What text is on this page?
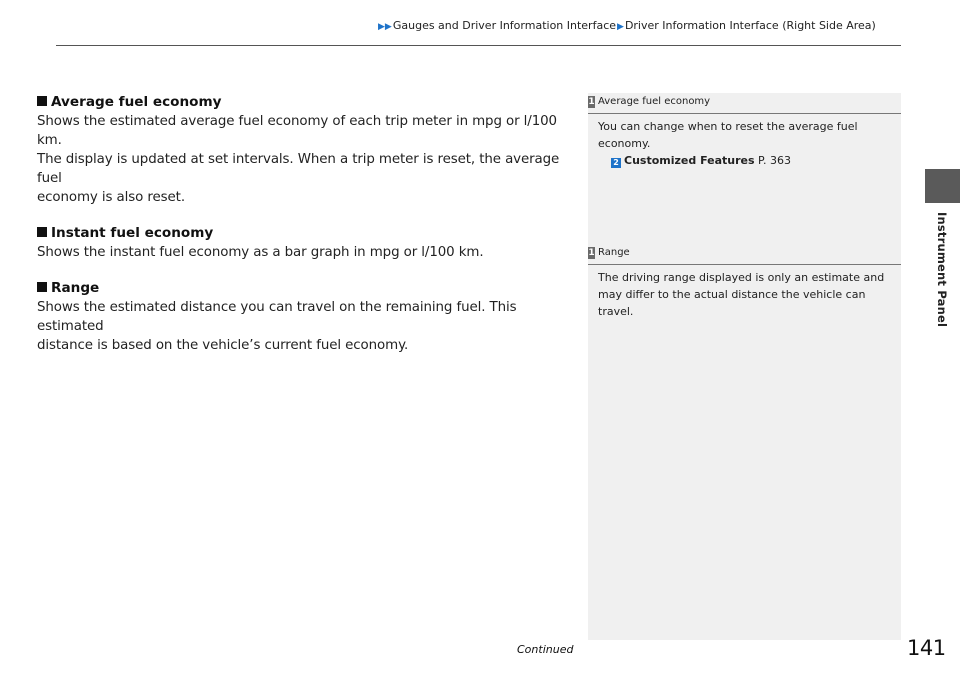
▶▶Gauges and Driver Information Interface▶Driver Information Interface (Right Side Area)
Average fuel economy
Shows the estimated average fuel economy of each trip meter in mpg or l/100 km.
The display is updated at set intervals. When a trip meter is reset, the average fuel
economy is also reset.
Instant fuel economy
Shows the instant fuel economy as a bar graph in mpg or l/100 km.
Range
Shows the estimated distance you can travel on the remaining fuel. This estimated
distance is based on the vehicle’s current fuel economy.
1 Average fuel economy
You can change when to reset the average fuel economy.
2 Customized Features P. 363
1 Range
The driving range displayed is only an estimate and may differ to the actual distance the vehicle can travel.	Instrument Panel
Continued	141
